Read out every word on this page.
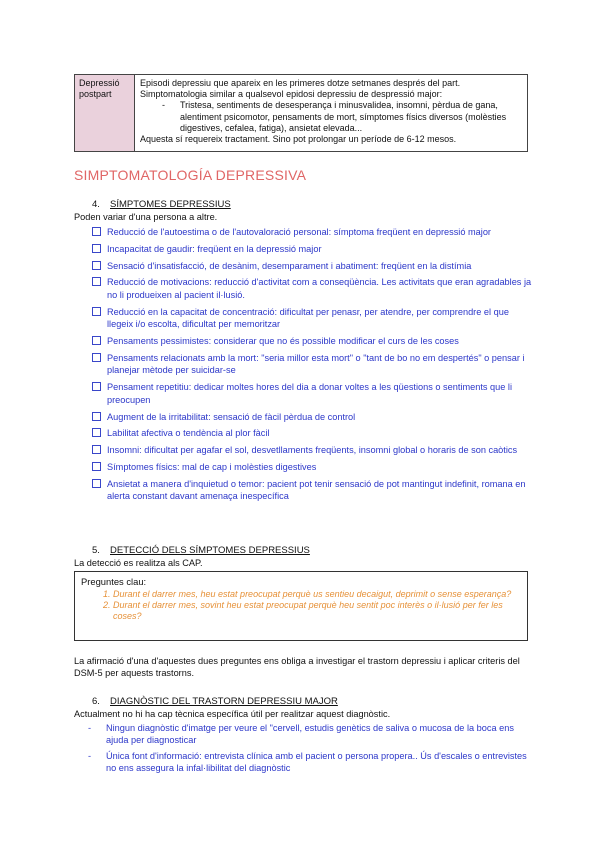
Depressió postpart
Episodi depressiu que apareix en les primeres dotze setmanes després del part.
Simptomatologia similar a qualsevol epidosi depressiu de despressió major:
- Tristesa, sentiments de desesperança i minusvalidea, insomni, pèrdua de gana, alentiment psicomotor, pensaments de mort, símptomes físics diversos (molèsties digestives, cefalea, fatiga), ansietat elevada...
Aquesta sí requereix tractament. Sino pot prolongar un període de 6-12 mesos.
SIMPTOMATOLOGÍA DEPRESSIVA
4. SÍMPTOMES DEPRESSIUS
Poden variar d'una persona a altre.
Reducció de l'autoestima o de l'autovaloració personal: símptoma freqüent en depressió major
Incapacitat de gaudir: freqüent en la depressió major
Sensació d'insatisfacció, de desànim, desemparament i abatiment: freqüent en la distímia
Reducció de motivacions: reducció d'activitat com a conseqüència. Les activitats que eran agradables ja no li produeixen al pacient il·lusió.
Reducció en la capacitat de concentració: dificultat per penasr, per atendre, per comprendre el que llegeix i/o escolta, dificultat per memoritzar
Pensaments pessimistes: considerar que no és possible modificar el curs de les coses
Pensaments relacionats amb la mort: "seria millor esta mort" o "tant de bo no em despertés" o pensar i planejar mètode per suicidar-se
Pensament repetitiu: dedicar moltes hores del dia a donar voltes a les qüestions o sentiments que li preocupen
Augment de la irritabilitat: sensació de fàcil pèrdua de control
Labilitat afectiva o tendència al plor fàcil
Insomni: dificultat per agafar el sol, desvetllaments freqüents, insomni global o horaris de son caòtics
Símptomes físics: mal de cap i molèsties digestives
Ansietat a manera d'inquietud o temor: pacient pot tenir sensació de pot mantingut indefinit, romana en alerta constant davant amenaça inespecífica
5. DETECCIÓ DELS SÍMPTOMES DEPRESSIUS
La detecció es realitza als CAP.
Preguntes clau:
1. Durant el darrer mes, heu estat preocupat perquè us sentieu decaigut, deprimit o sense esperança?
2. Durant el darrer mes, sovint heu estat preocupat perquè heu sentit poc interès o il·lusió per fer les coses?
La afirmació d'una d'aquestes dues preguntes ens obliga a investigar el trastorn depressiu i aplicar criteris del DSM-5 per aquests trastorns.
6. DIAGNÒSTIC DEL TRASTORN DEPRESSIU MAJOR
Actualment no hi ha cap tècnica específica útil per realitzar aquest diagnòstic.
-	Ningun diagnòstic d'imatge per veure el "cervell, estudis genètics de saliva o mucosa de la boca ens ajuda per diagnosticar
-	Única font d'informació: entrevista clínica amb el pacient o persona propera.. Ús d'escales o entrevistes no ens assegura la infal·libilitat del diagnòstic
